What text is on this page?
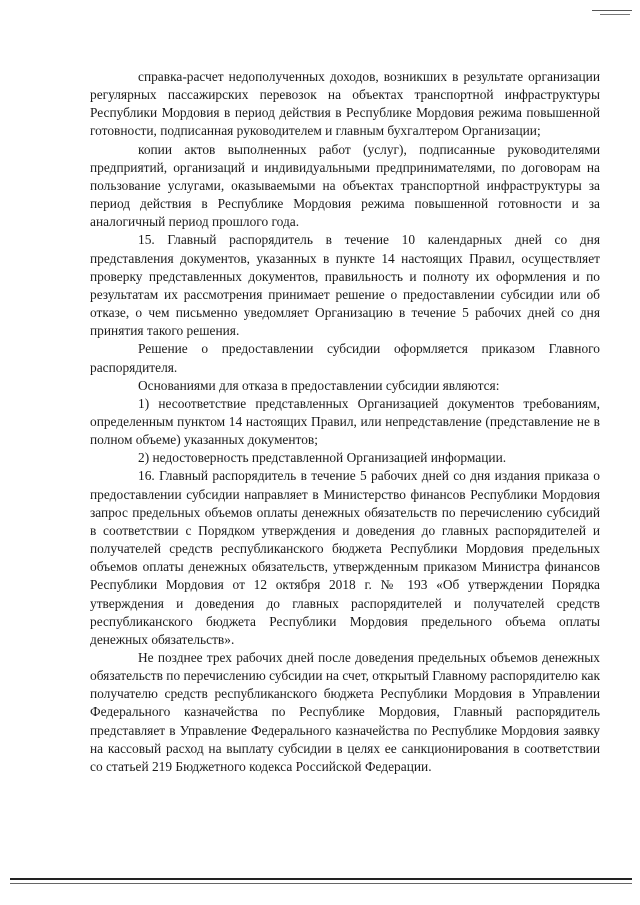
справка-расчет недополученных доходов, возникших в результате организации регулярных пассажирских перевозок на объектах транспортной инфраструктуры Республики Мордовия в период действия в Республике Мордовия режима повышенной готовности, подписанная руководителем и главным бухгалтером Организации;

копии актов выполненных работ (услуг), подписанные руководителями предприятий, организаций и индивидуальными предпринимателями, по договорам на пользование услугами, оказываемыми на объектах транспортной инфраструктуры за период действия в Республике Мордовия режима повышенной готовности и за аналогичный период прошлого года.

15. Главный распорядитель в течение 10 календарных дней со дня представления документов, указанных в пункте 14 настоящих Правил, осуществляет проверку представленных документов, правильность и полноту их оформления и по результатам их рассмотрения принимает решение о предоставлении субсидии или об отказе, о чем письменно уведомляет Организацию в течение 5 рабочих дней со дня принятия такого решения.

Решение о предоставлении субсидии оформляется приказом Главного распорядителя.

Основаниями для отказа в предоставлении субсидии являются:

1) несоответствие представленных Организацией документов требованиям, определенным пунктом 14 настоящих Правил, или непредставление (представление не в полном объеме) указанных документов;

2) недостоверность представленной Организацией информации.

16. Главный распорядитель в течение 5 рабочих дней со дня издания приказа о предоставлении субсидии направляет в Министерство финансов Республики Мордовия запрос предельных объемов оплаты денежных обязательств по перечислению субсидий в соответствии с Порядком утверждения и доведения до главных распорядителей и получателей средств республиканского бюджета Республики Мордовия предельных объемов оплаты денежных обязательств, утвержденным приказом Министра финансов Республики Мордовия от 12 октября 2018 г. № 193 «Об утверждении Порядка утверждения и доведения до главных распорядителей и получателей средств республиканского бюджета Республики Мордовия предельного объема оплаты денежных обязательств».

Не позднее трех рабочих дней после доведения предельных объемов денежных обязательств по перечислению субсидии на счет, открытый Главному распорядителю как получателю средств республиканского бюджета Республики Мордовия в Управлении Федерального казначейства по Республике Мордовия, Главный распорядитель представляет в Управление Федерального казначейства по Республике Мордовия заявку на кассовый расход на выплату субсидии в целях ее санкционирования в соответствии со статьей 219 Бюджетного кодекса Российской Федерации.
